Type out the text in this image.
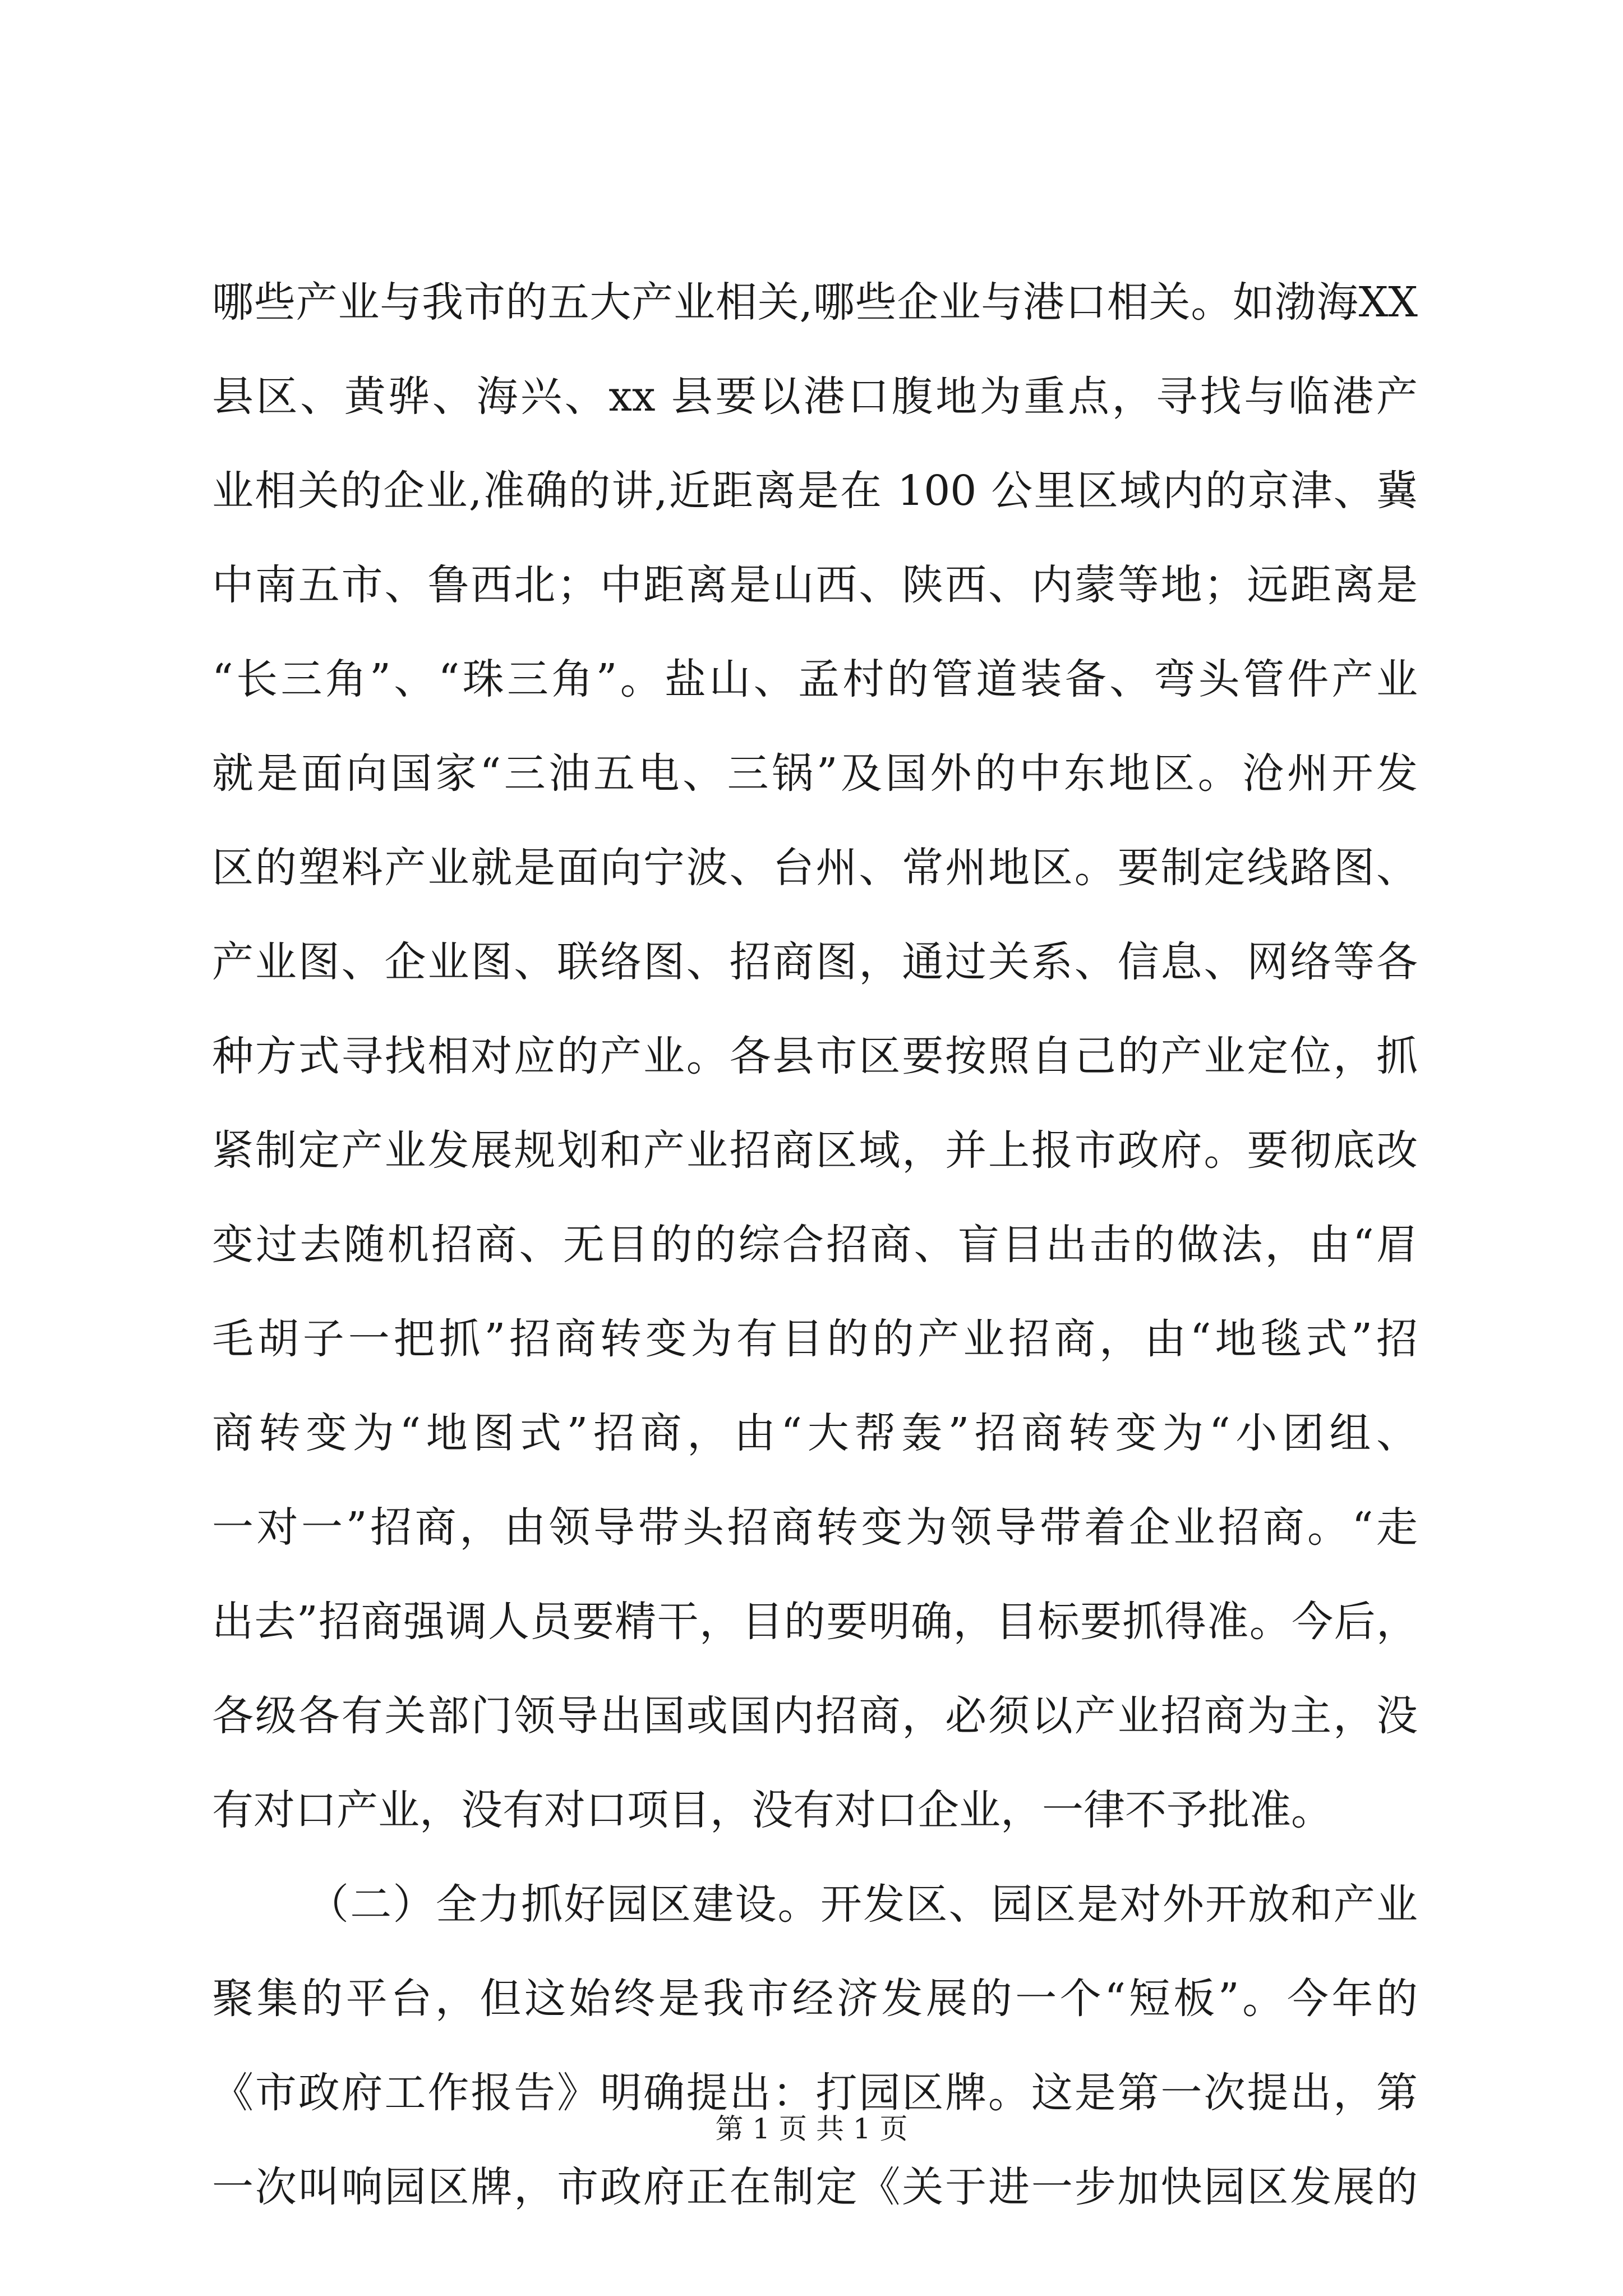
哪些产业与我市的五大产业相关,哪些企业与港口相关。如渤海XX
县区、黄骅、海兴、xx 县要以港口腹地为重点，寻找与临港产
业相关的企业,准确的讲,近距离是在 100 公里区域内的京津、冀
中南五市、鲁西北；中距离是山西、陕西、内蒙等地；远距离是
“长三角”、“珠三角”。盐山、孟村的管道装备、弯头管件产业
就是面向国家“三油五电、三锅”及国外的中东地区。沧州开发
区的塑料产业就是面向宁波、台州、常州地区。要制定线路图、
产业图、企业图、联络图、招商图，通过关系、信息、网络等各
种方式寻找相对应的产业。各县市区要按照自己的产业定位，抓
紧制定产业发展规划和产业招商区域，并上报市政府。要彻底改
变过去随机招商、无目的的综合招商、盲目出击的做法，由“眉
毛胡子一把抓”招商转变为有目的的产业招商，由“地毯式”招
商转变为“地图式”招商，由“大帮轰”招商转变为“小团组、
一对一”招商，由领导带头招商转变为领导带着企业招商。“走
出去”招商强调人员要精干，目的要明确，目标要抓得准。今后，
各级各有关部门领导出国或国内招商，必须以产业招商为主，没
有对口产业，没有对口项目，没有对口企业，一律不予批准。
（二）全力抓好园区建设。开发区、园区是对外开放和产业
聚集的平台，但这始终是我市经济发展的一个“短板”。今年的
《市政府工作报告》明确提出：打园区牌。这是第一次提出，第
一次叫响园区牌，市政府正在制定《关于进一步加快园区发展的
第 1 页 共 1 页
